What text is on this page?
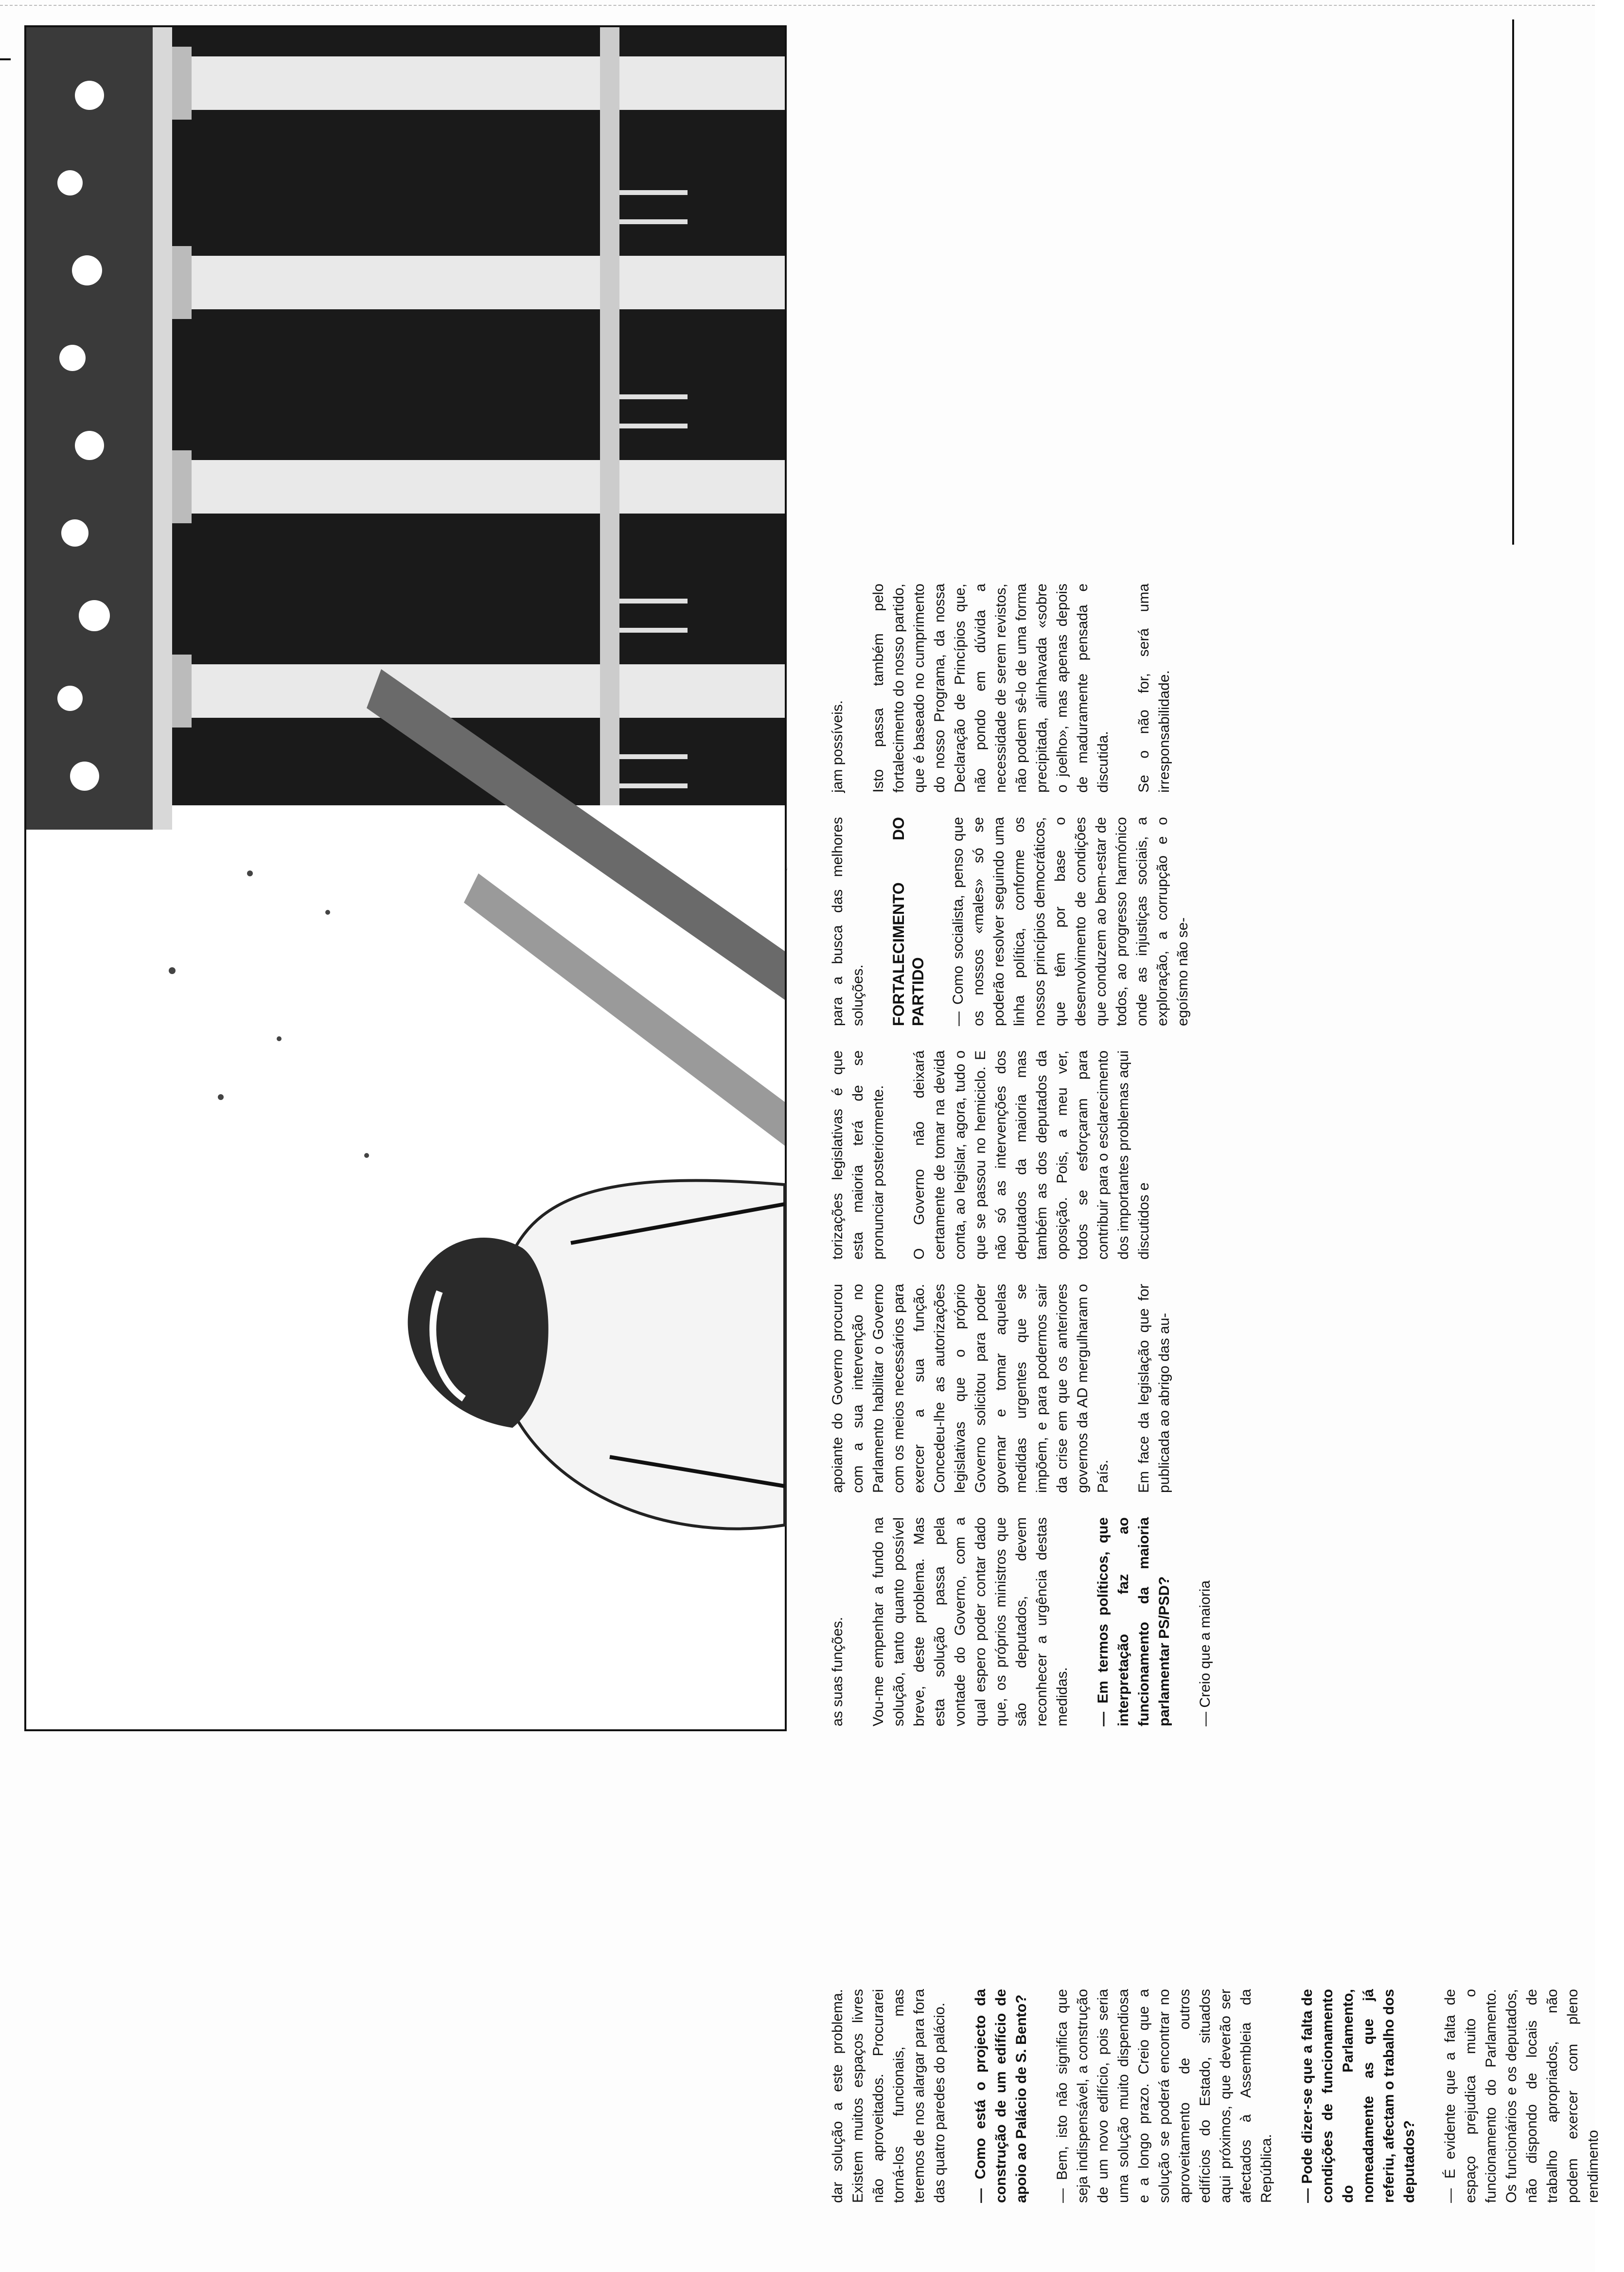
dar solução a este problema. Existem muitos espaços livres não aproveitados. Procurarei torná-los funcionais, mas teremos de nos alargar para fora das quatro paredes do palácio. — Como está o projecto da construção de um edifício de apoio ao Palácio de S. Bento? — Bem, isto não significa que seja indispensável, a construção de um novo edifício, pois seria uma solução muito dispendiosa e a longo prazo. Creio que a solução se poderá encontrar no aproveitamento de outros edifícios do Estado, situados aqui próximos, que deverão ser afectados à Assembleia da República. — Pode dizer-se que a falta de condições de funcionamento do Parlamento, nomeadamente as que já referiu, afectam o trabalho dos deputados? — É evidente que a falta de espaço prejudica muito o funcionamento do Parlamento. Os funcionários e os deputados, não dispondo de locais de trabalho apropriados, não podem exercer com pleno rendimento

as suas funções. Vou-me empenhar a fundo na solução, tanto quanto possível breve, deste problema. Mas esta solução passa pela vontade do Governo, com a qual espero poder contar dado que, os próprios ministros que são deputados, devem reconhecer a urgência destas medidas. — Em termos políticos, que interpretação faz ao funcionamento da maioria parlamentar PS/PSD? — Creio que a maioria

apoiante do Governo procurou com a sua intervenção no Parlamento habilitar o Governo com os meios necessários para exercer a sua função. Concedeu-lhe as autorizações legislativas que o próprio Governo solicitou para poder governar e tomar aquelas medidas urgentes que se impõem, e para podermos sair da crise em que os anteriores governos da AD mergulharam o País. Em face da legislação que for publicada ao abrigo das au-

torizações legislativas é que esta maioria terá de se pronunciar posteriormente. O Governo não deixará certamente de tomar na devida conta, ao legislar, agora, tudo o que se passou no hemiciclo. E não só as intervenções dos deputados da maioria mas também as dos deputados da oposição. Pois, a meu ver, todos se esforçaram para contribuir para o esclarecimento dos importantes problemas aqui discutidos e

para a busca das melhores soluções. FORTALECIMENTO DO PARTIDO — Como socialista, penso que os nossos «males» só se poderão resolver seguindo uma linha política, conforme os nossos princípios democráticos, que têm por base o desenvolvimento de condições que conduzem ao bem-estar de todos, ao progresso harmónico onde as injustiças sociais, a exploração, a corrupção e o egoísmo não se-

jam possíveis. Isto passa também pelo fortalecimento do nosso partido, que é baseado no cumprimento do nosso Programa, da nossa Declaração de Princípios que, não pondo em dúvida a necessidade de serem revistos, não podem sê-lo de uma forma precipitada, alinhavada «sobre o joelho», mas apenas depois de maduramente pensada e discutida. Se o não for, será uma irresponsabilidade.
